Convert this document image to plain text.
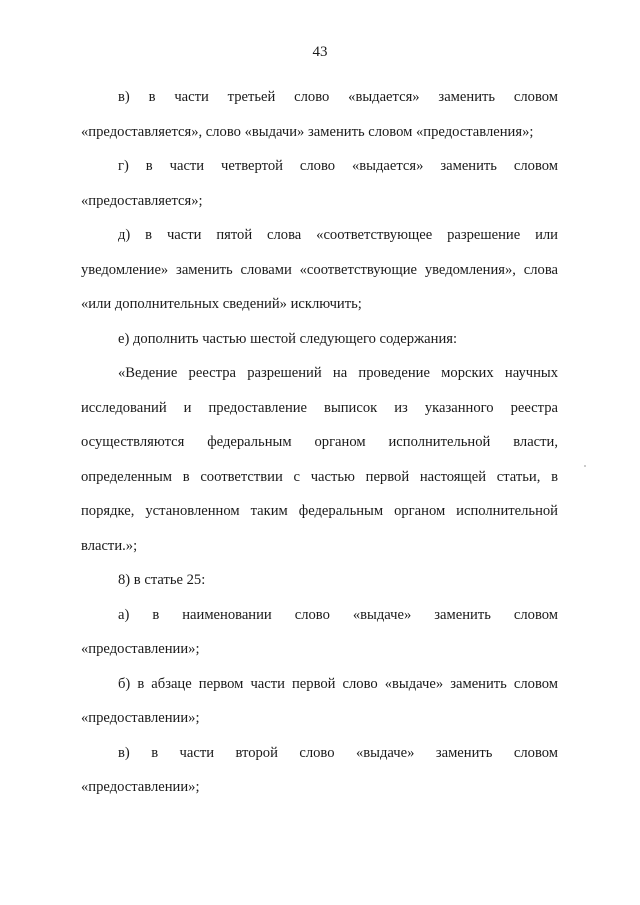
43

в) в части третьей слово «выдается» заменить словом
«предоставляется», слово «выдачи» заменить словом «предоставления»;

г) в части четвертой слово «выдается» заменить словом
«предоставляется»;

д) в части пятой слова «соответствующее разрешение или
уведомление» заменить словами «соответствующие уведомления», слова
«или дополнительных сведений» исключить;

е) дополнить частью шестой следующего содержания:

«Ведение реестра разрешений на проведение морских научных
исследований и предоставление выписок из указанного реестра
осуществляются федеральным органом исполнительной власти,
определенным в соответствии с частью первой настоящей статьи, в
порядке, установленном таким федеральным органом исполнительной
власти.»;

8) в статье 25:

а) в наименовании слово «выдаче» заменить словом
«предоставлении»;

б) в абзаце первом части первой слово «выдаче» заменить словом
«предоставлении»;

в) в части второй слово «выдаче» заменить словом
«предоставлении»;
